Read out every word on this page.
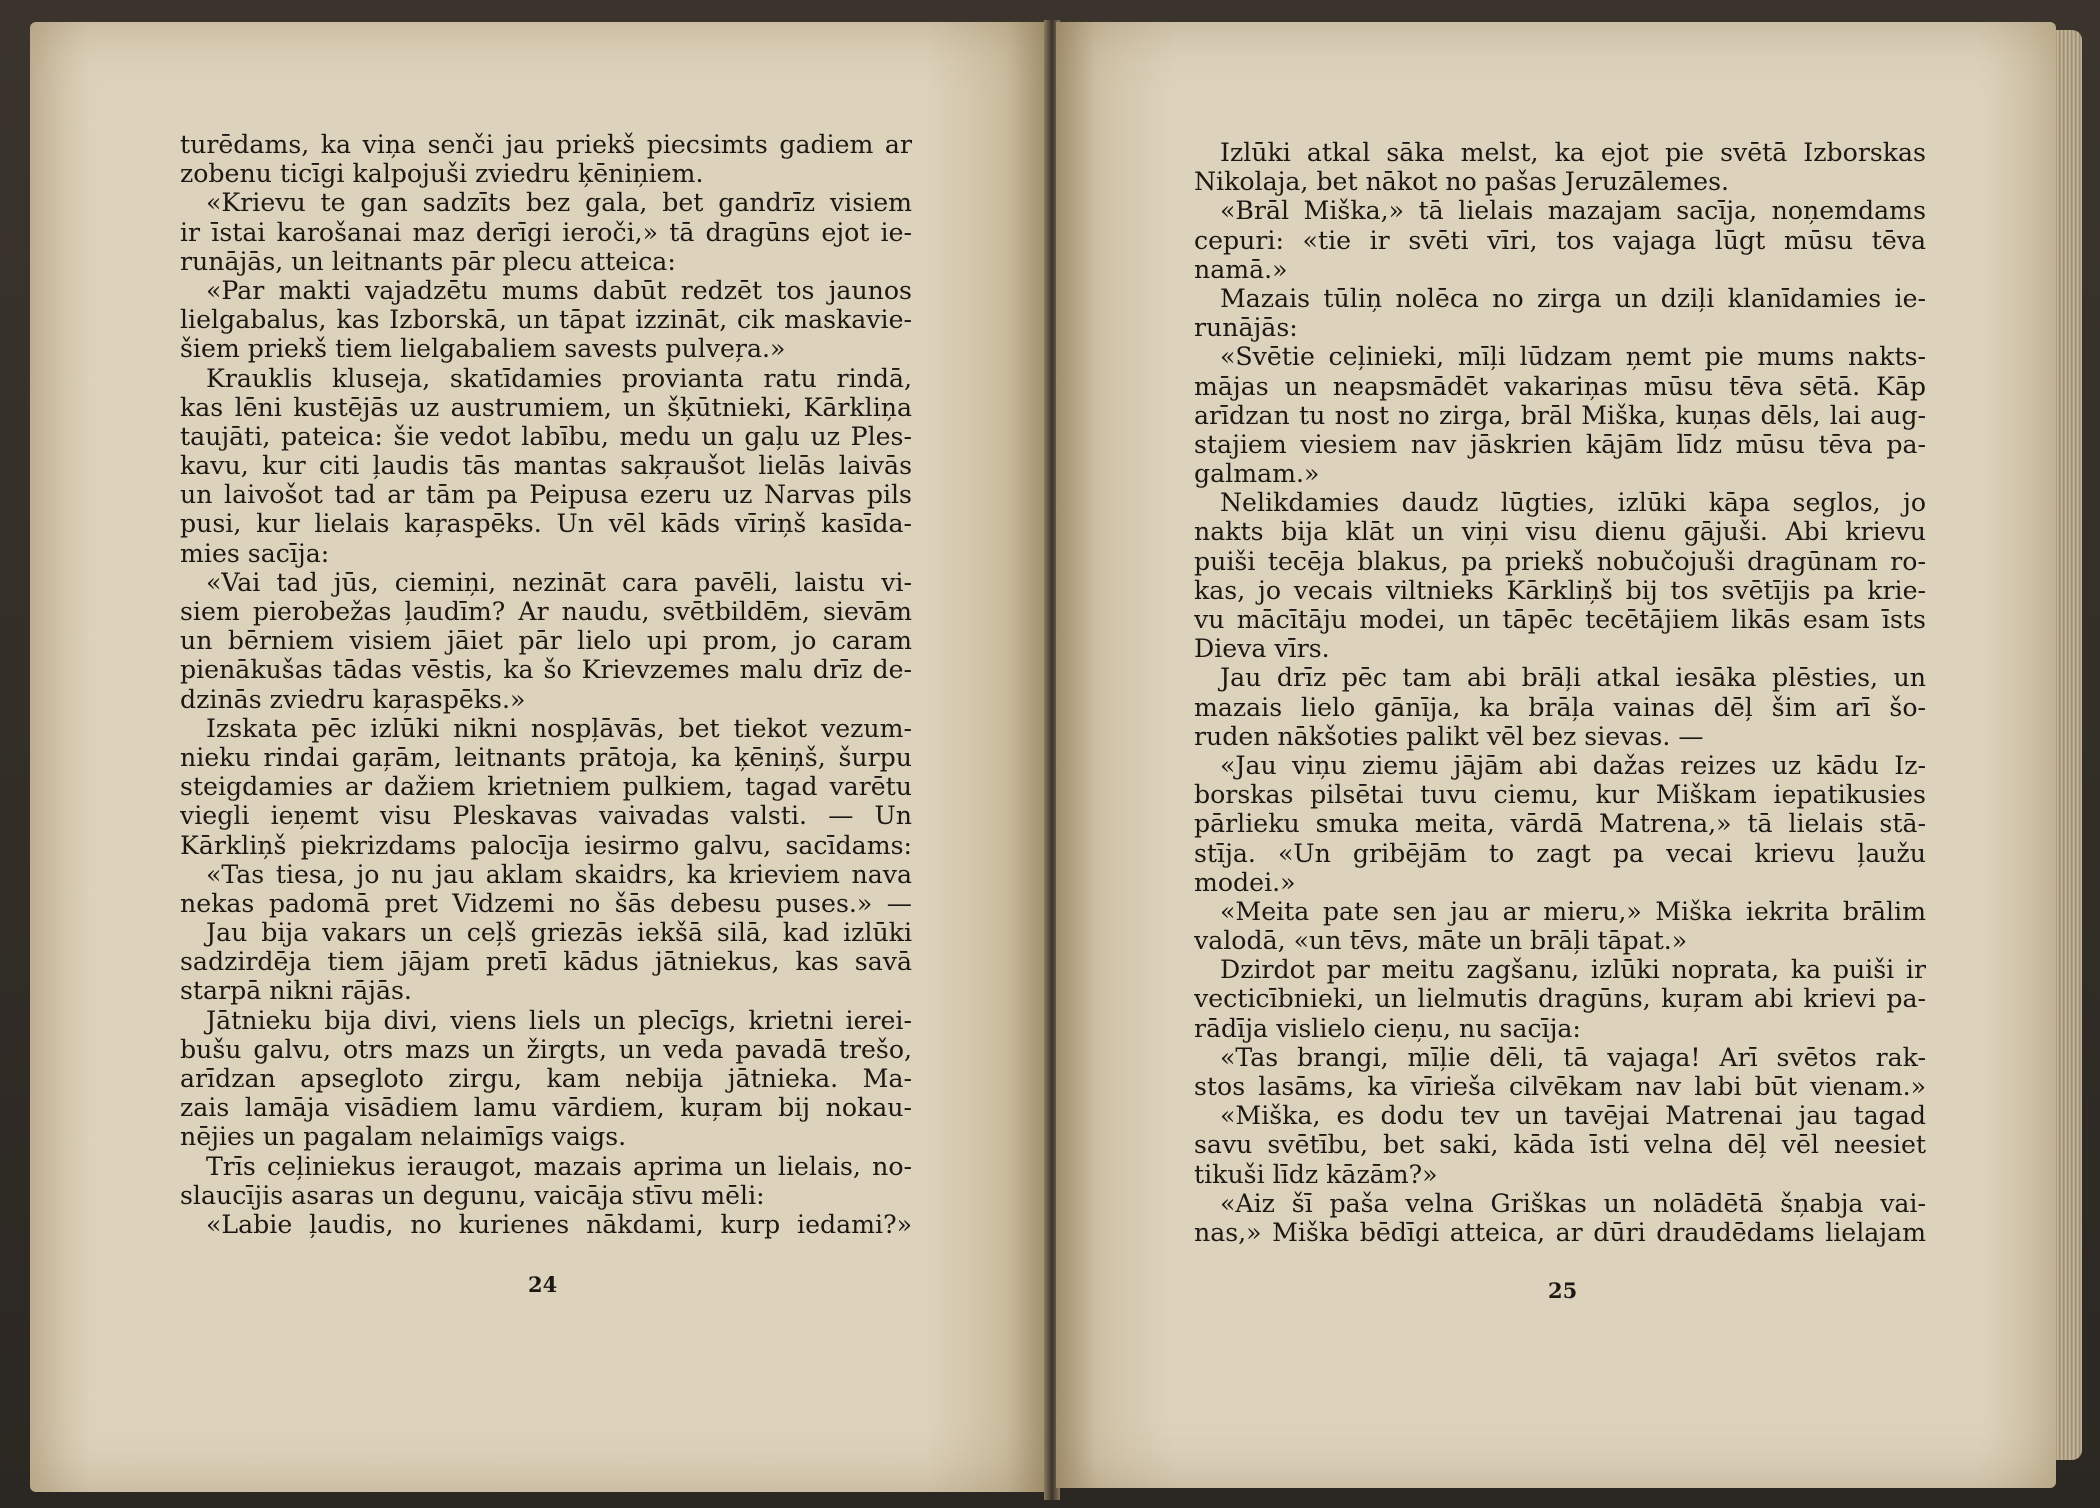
turēdams, ka viņa senči jau priekš piecsimts gadiem ar
zobenu ticīgi kalpojuši zviedru ķēniņiem.
«Krievu te gan sadzīts bez gala, bet gandrīz visiem
ir īstai karošanai maz derīgi ieroči,» tā dragūns ejot ie-
runājās, un leitnants pār plecu atteica:
«Par makti vajadzētu mums dabūt redzēt tos jaunos
lielgabalus, kas Izborskā, un tāpat izzināt, cik maskavie-
šiem priekš tiem lielgabaliem savests pulveŗa.»
Krauklis kluseja, skatīdamies provianta ratu rindā,
kas lēni kustējās uz austrumiem, un šķūtnieki, Kārkliņa
taujāti, pateica: šie vedot labību, medu un gaļu uz Ples-
kavu, kur citi ļaudis tās mantas sakŗaušot lielās laivās
un laivošot tad ar tām pa Peipusa ezeru uz Narvas pils
pusi, kur lielais kaŗaspēks. Un vēl kāds vīriņš kasīda-
mies sacīja:
«Vai tad jūs, ciemiņi, nezināt cara pavēli, laistu vi-
siem pierobežas ļaudīm? Ar naudu, svētbildēm, sievām
un bērniem visiem jāiet pār lielo upi prom, jo caram
pienākušas tādas vēstis, ka šo Krievzemes malu drīz de-
dzinās zviedru kaŗaspēks.»
Izskata pēc izlūki nikni nospļāvās, bet tiekot vezum-
nieku rindai gaŗām, leitnants prātoja, ka ķēniņš, šurpu
steigdamies ar dažiem krietniem pulkiem, tagad varētu
viegli ieņemt visu Pleskavas vaivadas valsti. — Un
Kārkliņš piekrizdams palocīja iesirmo galvu, sacīdams:
«Tas tiesa, jo nu jau aklam skaidrs, ka krieviem nava
nekas padomā pret Vidzemi no šās debesu puses.» —
Jau bija vakars un ceļš griezās iekšā silā, kad izlūki
sadzirdēja tiem jājam pretī kādus jātniekus, kas savā
starpā nikni rājās.
Jātnieku bija divi, viens liels un plecīgs, krietni ierei-
bušu galvu, otrs mazs un žirgts, un veda pavadā trešo,
arīdzan apsegloto zirgu, kam nebija jātnieka. Ma-
zais lamāja visādiem lamu vārdiem, kuŗam bij nokau-
nējies un pagalam nelaimīgs vaigs.
Trīs ceļiniekus ieraugot, mazais aprima un lielais, no-
slaucījis asaras un degunu, vaicāja stīvu mēli:
«Labie ļaudis, no kurienes nākdami, kurp iedami?»
24
Izlūki atkal sāka melst, ka ejot pie svētā Izborskas
Nikolaja, bet nākot no pašas Jeruzālemes.
«Brāl Miška,» tā lielais mazajam sacīja, noņemdams
cepuri: «tie ir svēti vīri, tos vajaga lūgt mūsu tēva
namā.»
Mazais tūliņ nolēca no zirga un dziļi klanīdamies ie-
runājās:
«Svētie ceļinieki, mīļi lūdzam ņemt pie mums nakts-
mājas un neapsmādēt vakariņas mūsu tēva sētā. Kāp
arīdzan tu nost no zirga, brāl Miška, kuņas dēls, lai aug-
stajiem viesiem nav jāskrien kājām līdz mūsu tēva pa-
galmam.»
Nelikdamies daudz lūgties, izlūki kāpa seglos, jo
nakts bija klāt un viņi visu dienu gājuši. Abi krievu
puiši tecēja blakus, pa priekš nobučojuši dragūnam ro-
kas, jo vecais viltnieks Kārkliņš bij tos svētījis pa krie-
vu mācītāju modei, un tāpēc tecētājiem likās esam īsts
Dieva vīrs.
Jau drīz pēc tam abi brāļi atkal iesāka plēsties, un
mazais lielo gānīja, ka brāļa vainas dēļ šim arī šo-
ruden nākšoties palikt vēl bez sievas. —
«Jau viņu ziemu jājām abi dažas reizes uz kādu Iz-
borskas pilsētai tuvu ciemu, kur Miškam iepatikusies
pārlieku smuka meita, vārdā Matrena,» tā lielais stā-
stīja. «Un gribējām to zagt pa vecai krievu ļaužu
modei.»
«Meita pate sen jau ar mieru,» Miška iekrita brālim
valodā, «un tēvs, māte un brāļi tāpat.»
Dzirdot par meitu zagšanu, izlūki noprata, ka puiši ir
vecticībnieki, un lielmutis dragūns, kuŗam abi krievi pa-
rādīja vislielo cieņu, nu sacīja:
«Tas brangi, mīļie dēli, tā vajaga! Arī svētos rak-
stos lasāms, ka vīrieša cilvēkam nav labi būt vienam.»
«Miška, es dodu tev un tavējai Matrenai jau tagad
savu svētību, bet saki, kāda īsti velna dēļ vēl neesiet
tikuši līdz kāzām?»
«Aiz šī paša velna Griškas un nolādētā šņabja vai-
nas,» Miška bēdīgi atteica, ar dūri draudēdams lielajam
25
